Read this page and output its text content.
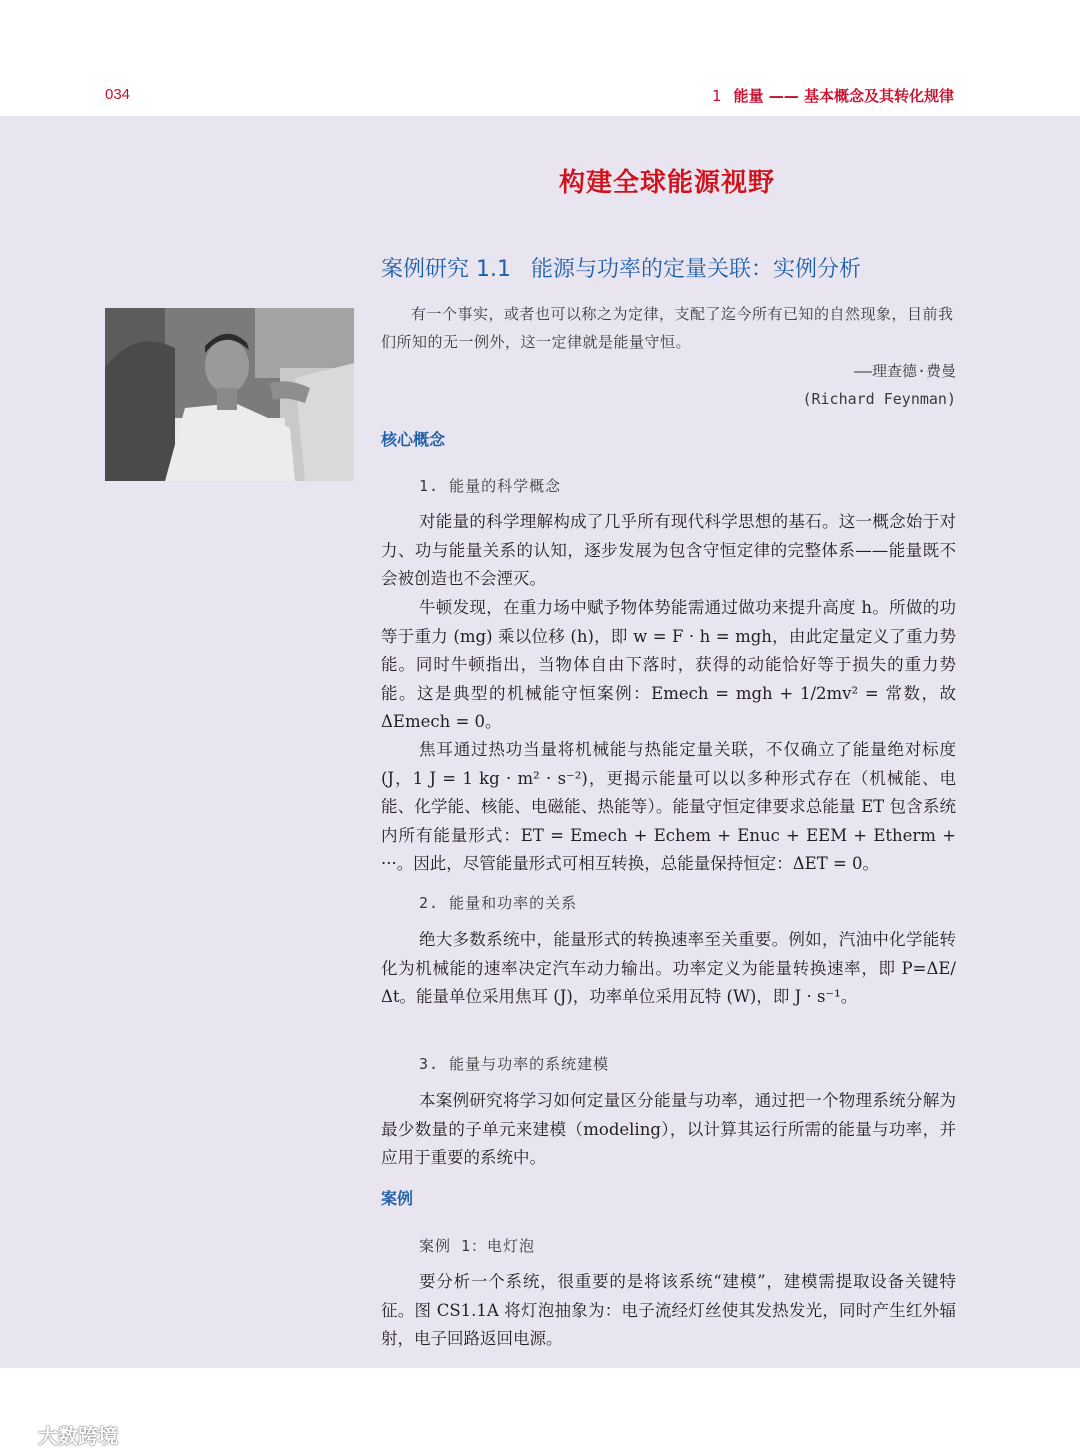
034	1 能量 —— 基本概念及其转化规律
构建全球能源视野
案例研究 1.1 能源与功率的定量关联：实例分析
有一个事实，或者也可以称之为定律，支配了迄今所有已知的自然现象，目前我们所知的无一例外，这一定律就是能量守恒。
——理查德·费曼
(Richard Feynman)
核心概念
1. 能量的科学概念
对能量的科学理解构成了几乎所有现代科学思想的基石。这一概念始于对力、功与能量关系的认知，逐步发展为包含守恒定律的完整体系——能量既不会被创造也不会湮灭。
牛顿发现，在重力场中赋予物体势能需通过做功来提升高度 h。所做的功等于重力 (mg) 乘以位移 (h)，即 w = F · h = mgh，由此定量定义了重力势能。同时牛顿指出，当物体自由下落时，获得的动能恰好等于损失的重力势能。这是典型的机械能守恒案例：Emech = mgh + 1/2mv² = 常数，故 ΔEmech = 0。
焦耳通过热功当量将机械能与热能定量关联，不仅确立了能量绝对标度 (J，1 J = 1 kg · m² · s⁻²)，更揭示能量可以以多种形式存在（机械能、电能、化学能、核能、电磁能、热能等）。能量守恒定律要求总能量 ET 包含系统内所有能量形式：ET = Emech + Echem + Enuc + EEM + Etherm + ···。因此，尽管能量形式可相互转换，总能量保持恒定：ΔET = 0。
2. 能量和功率的关系
绝大多数系统中，能量形式的转换速率至关重要。例如，汽油中化学能转化为机械能的速率决定汽车动力输出。功率定义为能量转换速率，即 P=ΔE/Δt。能量单位采用焦耳 (J)，功率单位采用瓦特 (W)，即 J · s⁻¹。
3. 能量与功率的系统建模
本案例研究将学习如何定量区分能量与功率，通过把一个物理系统分解为最少数量的子单元来建模（modeling），以计算其运行所需的能量与功率，并应用于重要的系统中。
案例
案例 1：电灯泡
要分析一个系统，很重要的是将该系统“建模”，建模需提取设备关键特征。图 CS1.1A 将灯泡抽象为：电子流经灯丝使其发热发光，同时产生红外辐射，电子回路返回电源。
大数跨境
